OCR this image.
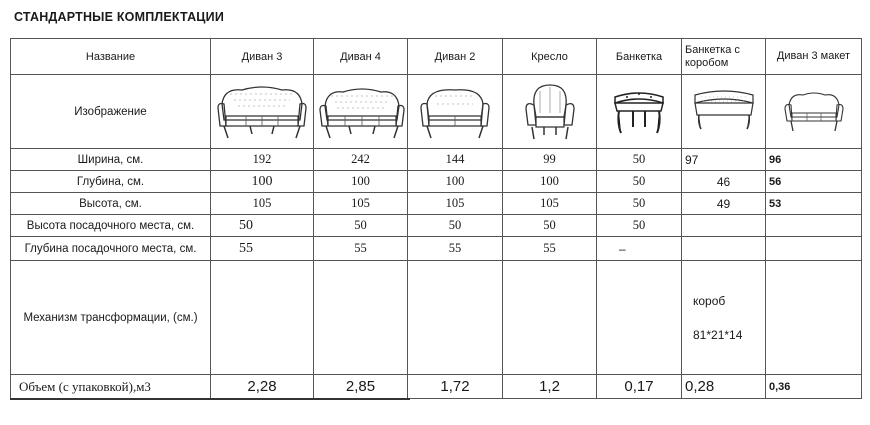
СТАНДАРТНЫЕ КОМПЛЕКТАЦИИ
Название	Диван 3	Диван 4	Диван 2	Кресло	Банкетка	Банкетка с коробом	Диван 3 макет
Изображение	

Ширина, см.	192	242	144	99	50	97	96
Глубина, см.	100	100	100	100	50	46	56
Высота, см.	105	105	105	105	50	49	53
Высота посадочного места, см.	50	50	50	50	50		
Глубина посадочного места, см.	55	55	55	55	–		
Механизм трансформации, (см.)						короб
81*21*14	

Объем (с упаковкой),м3	2,28	2,85	1,72	1,2	0,17	0,28	0,36
